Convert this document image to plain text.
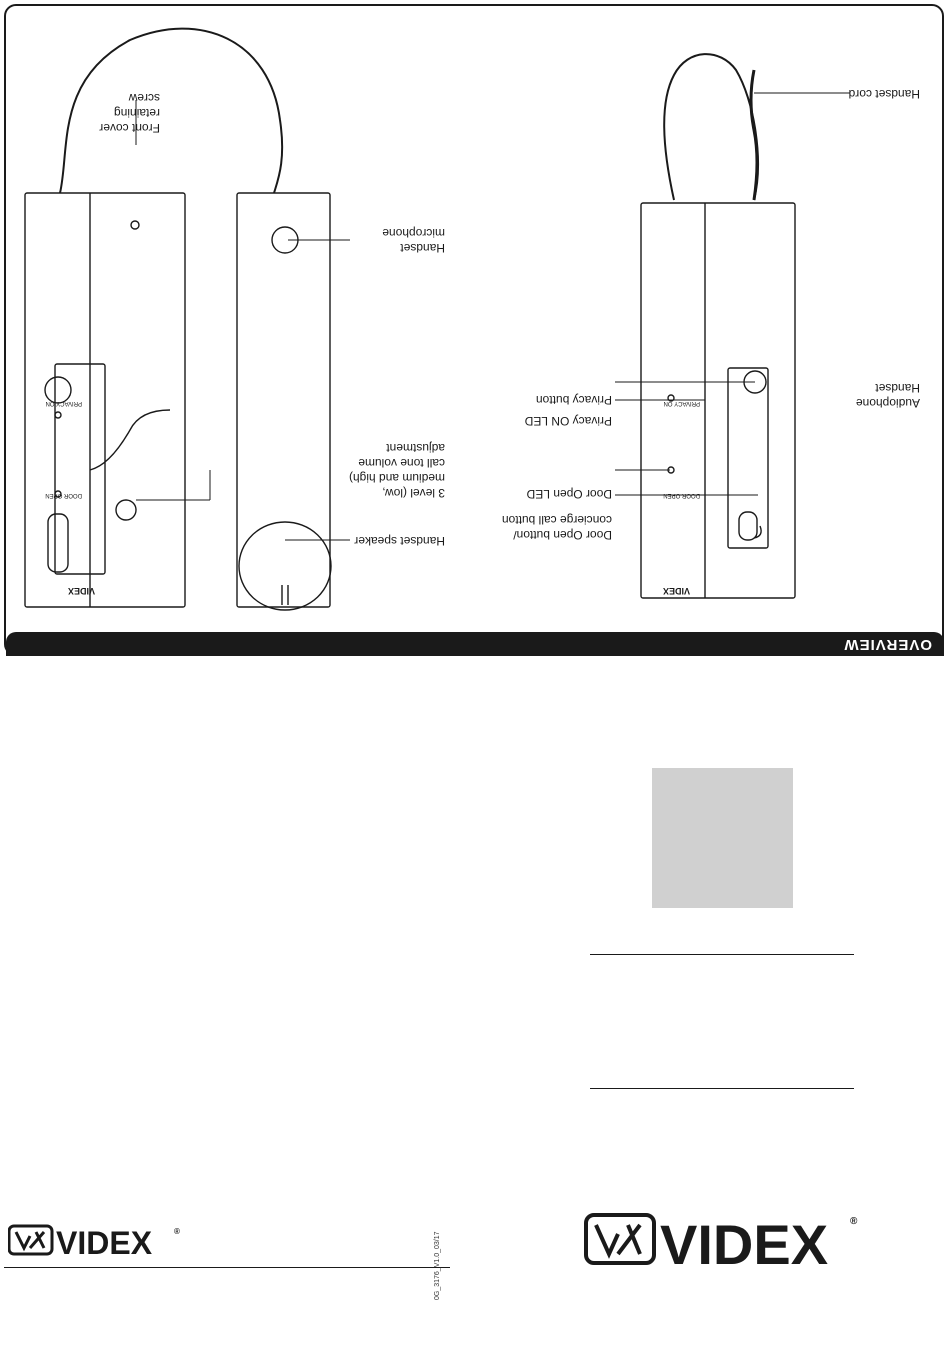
OVERVIEW
Privacy button
Privacy ON LED
Door Open LED
Door Open button/
concierge call button
Handset cord
Audiophone
Handset
Handset speaker
3 level (low,
medium and high)
call tone volume
adjustment
Handset
microphone
Front cover
retaining
screw
VIDEX	VIDEX
PRIVACY ON
DOOR OPEN
PRIVACY ON
DOOR OPEN
VIDEX	®	VIDEX ®
0G_3176_V1.0_03/17
